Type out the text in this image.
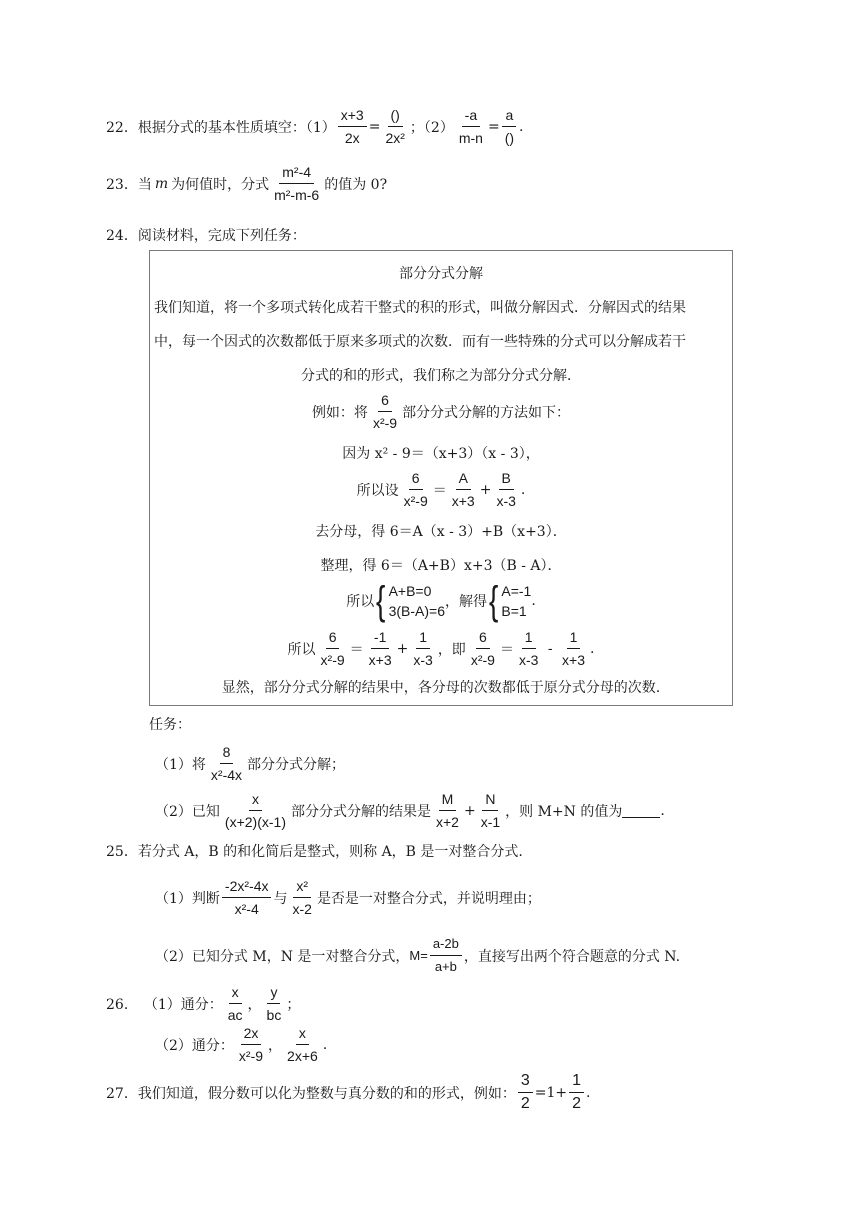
22． 根据分式的基本性质填空：$(1) \frac{x+3}{2x} = \frac{()}{\text{2x²}}$ ；$(2) \frac{-a}{m-n} = \frac{a}{()}$ .
23． 当 m 为何值时，分式 $\frac{\text{m²-4}}{\text{m²-m-6}}$ 的值为 0?
24． 阅读材料，完成下列任务：
部分分式分解
我们知道，将一个多项式转化成若干整式的积的形式，叫做分解因式．分解因式的结果
中，每一个因式的次数都低于原来多项式的次数．而有一些特殊的分式可以分解成若干
分式的和的形式，我们称之为部分分式分解．
例如：将 $\frac{6}{\text{x²-9}}$ 部分分式分解的方法如下：
因为 x² - 9＝（x+3）（x - 3），
所以设 $\frac{6}{\text{x²-9}} = \frac{A}{x+3} + \frac{B}{x-3}$ .
去分母，得 6＝A（x - 3）+B（x+3）．
整理，得 6＝（A+B）x+3（B - A）．
所以 { A+B=0
3(B-A)=6
，解得 { A=-1
B=1
.
所以 $\frac{6}{\text{x²-9}} = \frac{-1}{x+3} + \frac{1}{x-3}$ ，即 $\frac{6}{\text{x²-9}} = \frac{1}{x-3} - \frac{1}{x+3}$ .
显然，部分分式分解的结果中，各分母的次数都低于原分式分母的次数.
任务：
（1）将 $\frac{8}{\text{x²-4x}}$ 部分分式分解；
（2）已知 $\frac{x}{(x+2)(x-1)}$ 部分分式分解的结果是 $\frac{M}{x+2} + \frac{N}{x-1}$ ，则 M+N 的值为	.
25． 若分式 A，B 的和化简后是整式，则称 A，B 是一对整合分式.
（1）判断 $\frac{\text{-2x²-4x}}{\text{x²-4}}$ 与 $\frac{\text{x²}}{x-2}$ 是否是一对整合分式，并说明理由；
（2）已知分式 M，N 是一对整合分式， $M= \frac{a-2b}{a+b}$ ，直接写出两个符合题意的分式 N.
26． （1）通分： $\frac{x}{ac}$ ， $\frac{y}{bc}$ ；
（2）通分： $\frac{2x}{\text{x²-9}}$ ， $\frac{x}{2x+6}$ .
27． 我们知道，假分数可以化为整数与真分数的和的形式，例如： $\frac{3}{2} =1+ \frac{1}{2}$ .
